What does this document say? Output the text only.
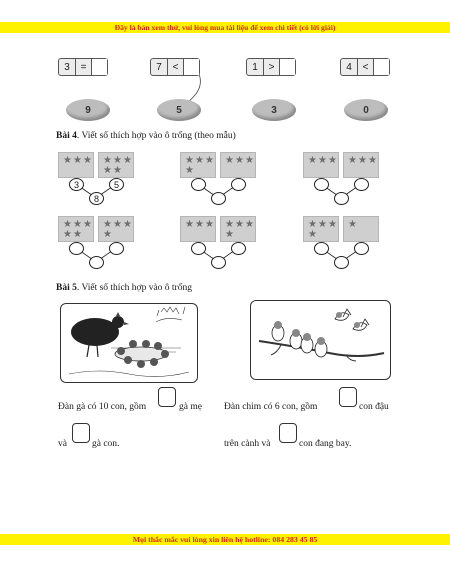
Đây là bản xem thử, vui lòng mua tài liệu để xem chi tiết (có lời giải)
3	=	7	<	1	>	4	<
9	5	3	0
Bài 4. Viết số thích hợp vào ô trống (theo mẫu)
★ ★ ★ ★ ★ ★
★ ★
3	5
8
★ ★ ★
★
★ ★ ★	★ ★ ★ ★ ★ ★
★ ★ ★
★ ★
★ ★ ★
★
★ ★ ★ ★ ★ ★
★
★ ★ ★
★
★
Bài 5. Viết số thích hợp vào ô trống
Đàn gà có 10 con, gồm	gà mẹ
và	gà con.
Đàn chim có 6 con, gồm	con đậu
trên cành và	con đang bay.
Mọi thắc mắc vui lòng xin liên hệ hotline: 084 283 45 85
